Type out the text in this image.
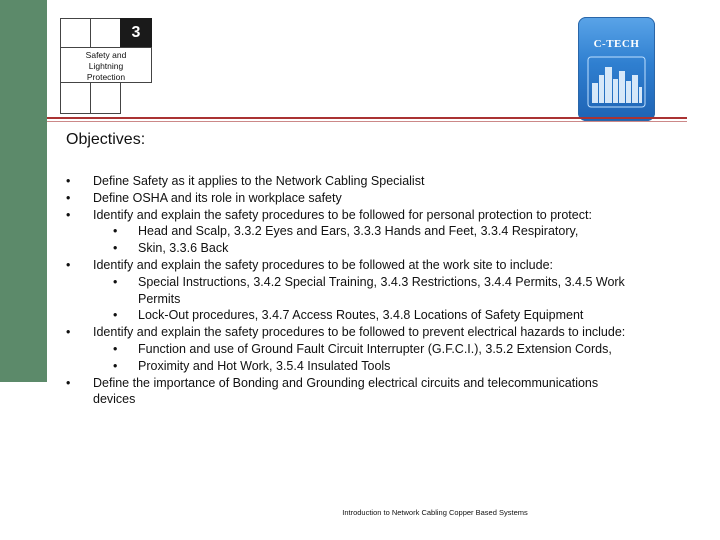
Safety and
Lightning
Protection
3
C-TECH
Objectives:
• Define Safety as it applies to the Network Cabling Specialist
• Define OSHA and its role in workplace safety
• Identify and explain the safety procedures to be followed for personal protection to protect:
• Head and Scalp, 3.3.2 Eyes and Ears, 3.3.3 Hands and Feet, 3.3.4 Respiratory,
• Skin, 3.3.6 Back
• Identify and explain the safety procedures to be followed at the work site to include:
• Special Instructions, 3.4.2 Special Training, 3.4.3 Restrictions, 3.4.4 Permits, 3.4.5 Work Permits
• Lock-Out procedures, 3.4.7 Access Routes, 3.4.8 Locations of Safety Equipment
• Identify and explain the safety procedures to be followed to prevent electrical hazards to include:
• Function and use of Ground Fault Circuit Interrupter (G.F.C.I.), 3.5.2 Extension Cords,
• Proximity and Hot Work, 3.5.4 Insulated Tools
• Define the importance of Bonding and Grounding electrical circuits and telecommunications devices
Introduction to Network Cabling Copper Based Systems
